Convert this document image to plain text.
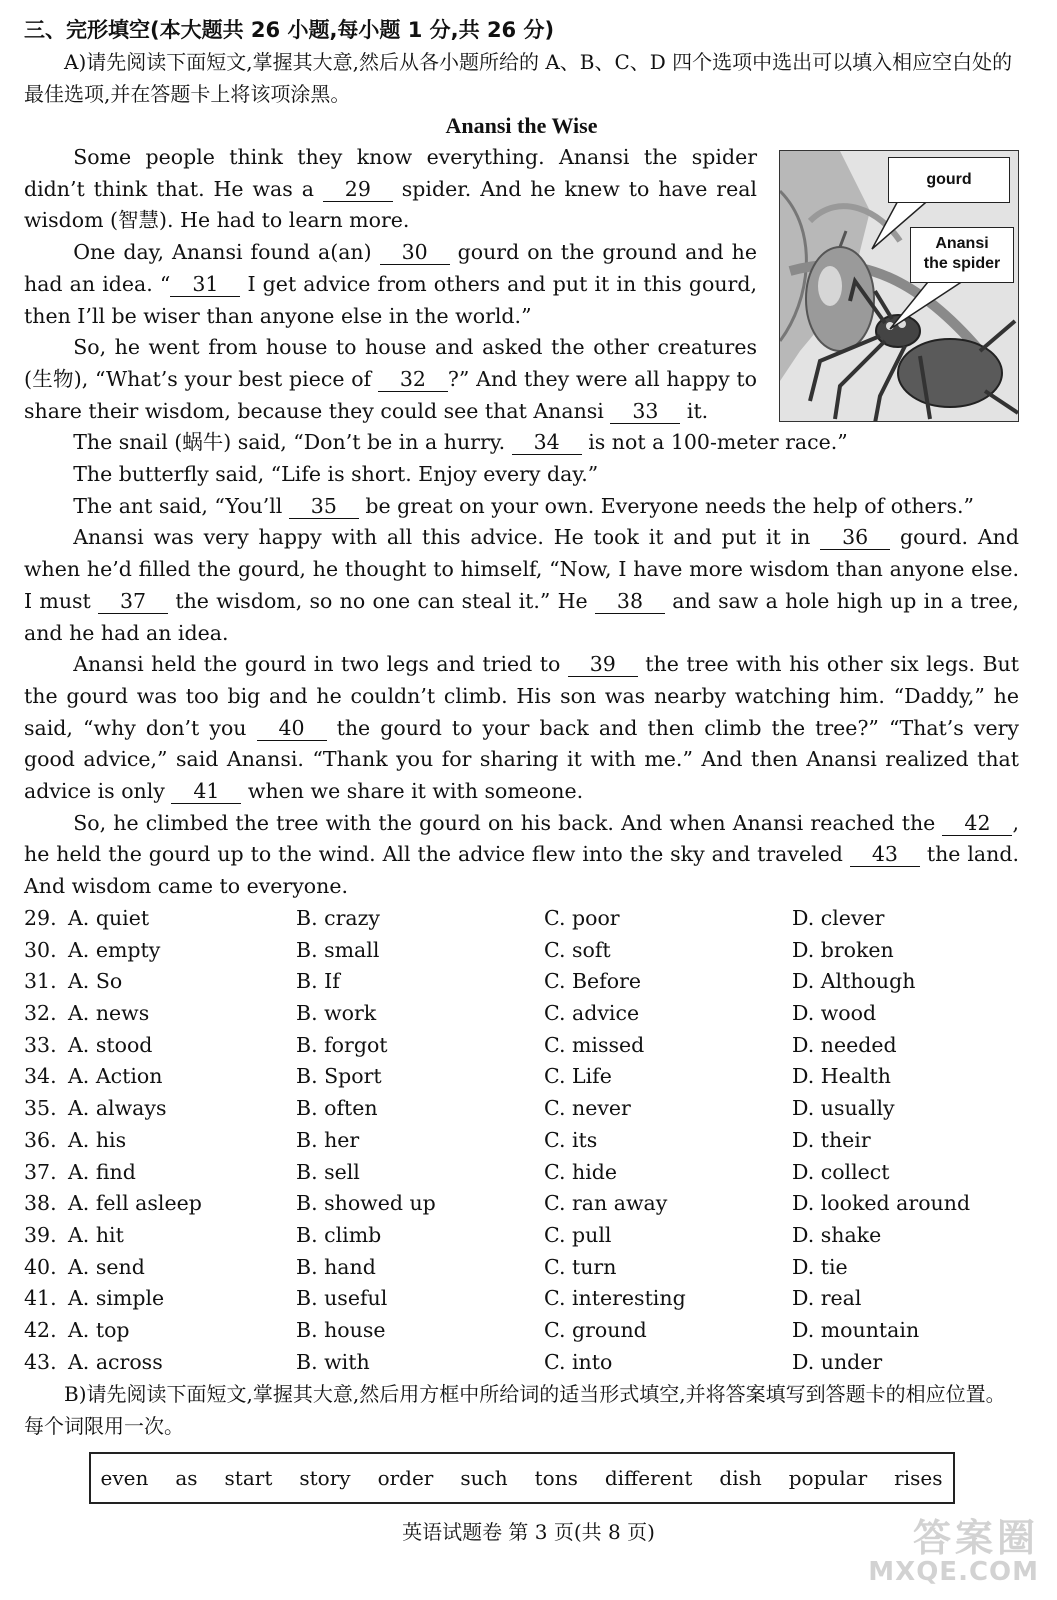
三、完形填空(本大题共 26 小题,每小题 1 分,共 26 分)
A)请先阅读下面短文,掌握其大意,然后从各小题所给的 A、B、C、D 四个选项中选出可以填入相应空白处的最佳选项,并在答题卡上将该项涂黑。
Anansi the Wise
gourd
Anansi
the spider

Some people think they know everything. Anansi the spider didn’t think that. He was a 29 spider. And he knew to have real wisdom (智慧). He had to learn more.

One day, Anansi found a(an) 30 gourd on the ground and he had an idea. “ 31 I get advice from others and put it in this gourd, then I’ll be wiser than anyone else in the world.”

So, he went from house to house and asked the other creatures (生物), “What’s your best piece of 32 ?” And they were all happy to share their wisdom, because they could see that Anansi 33 it.

The snail (蜗牛) said, “Don’t be in a hurry. 34 is not a 100-meter race.”

The butterfly said, “Life is short. Enjoy every day.”

The ant said, “You’ll 35 be great on your own. Everyone needs the help of others.”

Anansi was very happy with all this advice. He took it and put it in 36 gourd. And when he’d filled the gourd, he thought to himself, “Now, I have more wisdom than anyone else. I must 37 the wisdom, so no one can steal it.” He 38 and saw a hole high up in a tree, and he had an idea.

Anansi held the gourd in two legs and tried to 39 the tree with his other six legs. But the gourd was too big and he couldn’t climb. His son was nearby watching him. “Daddy,” he said, “why don’t you 40 the gourd to your back and then climb the tree?” “That’s very good advice,” said Anansi. “Thank you for sharing it with me.” And then Anansi realized that advice is only 41 when we share it with someone.

So, he climbed the tree with the gourd on his back. And when Anansi reached the 42 , he held the gourd up to the wind. All the advice flew into the sky and traveled 43 the land. And wisdom came to everyone.

29. A. quiet	B. crazy	C. poor	D. clever
30. A. empty	B. small	C. soft	D. broken
31. A. So	B. If	C. Before	D. Although
32. A. news	B. work	C. advice	D. wood
33. A. stood	B. forgot	C. missed	D. needed
34. A. Action	B. Sport	C. Life	D. Health
35. A. always	B. often	C. never	D. usually
36. A. his	B. her	C. its	D. their
37. A. find	B. sell	C. hide	D. collect
38. A. fell asleep	B. showed up	C. ran away	D. looked around
39. A. hit	B. climb	C. pull	D. shake
40. A. send	B. hand	C. turn	D. tie
41. A. simple	B. useful	C. interesting	D. real
42. A. top	B. house	C. ground	D. mountain
43. A. across	B. with	C. into	D. under
B)请先阅读下面短文,掌握其大意,然后用方框中所给词的适当形式填空,并将答案填写到答题卡的相应位置。每个词限用一次。
even as start story order such tons different dish popular rises
英语试题卷 第 3 页(共 8 页)	答案圈
MXQE.COM
